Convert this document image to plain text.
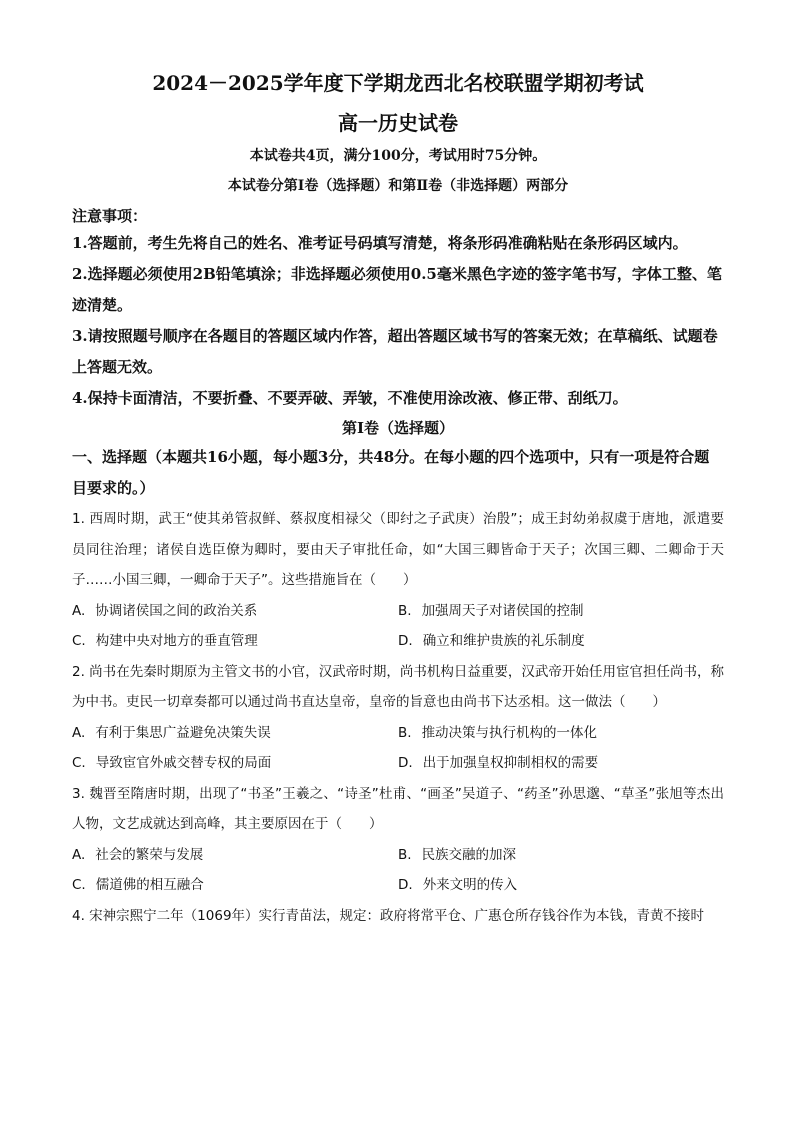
2024－2025学年度下学期龙西北名校联盟学期初考试
高一历史试卷
本试卷共4页，满分100分，考试用时75分钟。
本试卷分第Ⅰ卷（选择题）和第Ⅱ卷（非选择题）两部分
注意事项：

1.答题前，考生先将自己的姓名、准考证号码填写清楚，将条形码准确粘贴在条形码区域内。

2.选择题必须使用2B铅笔填涂；非选择题必须使用0.5毫米黑色字迹的签字笔书写，字体工整、笔迹清楚。

3.请按照题号顺序在各题目的答题区域内作答，超出答题区域书写的答案无效；在草稿纸、试题卷上答题无效。

4.保持卡面清洁，不要折叠、不要弄破、弄皱，不准使用涂改液、修正带、刮纸刀。

第Ⅰ卷（选择题）
一、选择题（本题共16小题，每小题3分，共48分。在每小题的四个选项中，只有一项是符合题目要求的。）

1. 西周时期，武王“使其弟管叔鲜、蔡叔度相禄父（即纣之子武庚）治殷”；成王封幼弟叔虞于唐地，派遣要员同往治理；诸侯自选臣僚为卿时，要由天子审批任命，如“大国三卿皆命于天子；次国三卿、二卿命于天子……小国三卿，一卿命于天子”。这些措施旨在（　　）

A. 协调诸侯国之间的政治关系	B. 加强周天子对诸侯国的控制
C. 构建中央对地方的垂直管理	D. 确立和维护贵族的礼乐制度

2. 尚书在先秦时期原为主管文书的小官，汉武帝时期，尚书机构日益重要，汉武帝开始任用宦官担任尚书，称为中书。吏民一切章奏都可以通过尚书直达皇帝，皇帝的旨意也由尚书下达丞相。这一做法（　　）

A. 有利于集思广益避免决策失误	B. 推动决策与执行机构的一体化
C. 导致宦官外戚交替专权的局面	D. 出于加强皇权抑制相权的需要

3. 魏晋至隋唐时期，出现了“书圣”王羲之、“诗圣”杜甫、“画圣”吴道子、“药圣”孙思邈、“草圣”张旭等杰出人物，文艺成就达到高峰，其主要原因在于（　　）

A. 社会的繁荣与发展	B. 民族交融的加深
C. 儒道佛的相互融合	D. 外来文明的传入

4. 宋神宗熙宁二年（1069年）实行青苗法，规定：政府将常平仓、广惠仓所存钱谷作为本钱，青黄不接时
